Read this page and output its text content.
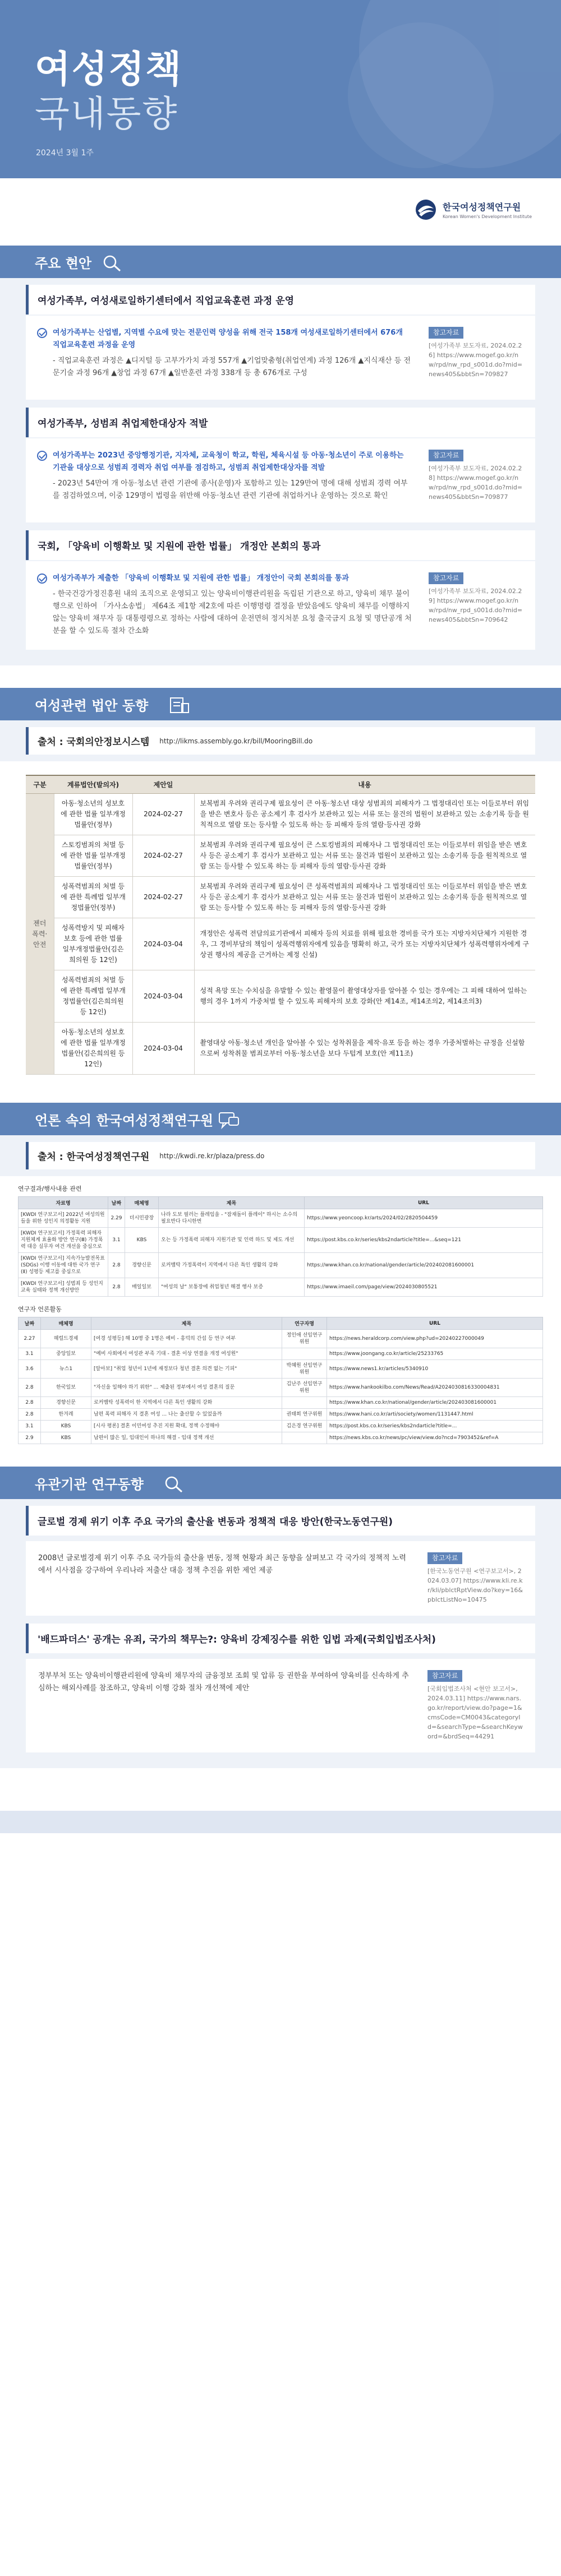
여성정책
국내동향
2024년 3월 1주
한국여성정책연구원
Korean Women's Development Institute
주요 현안
여성가족부, 여성새로일하기센터에서 직업교육훈련 과정 운영
여성가족부는 산업별, 지역별 수요에 맞는 전문인력 양성을 위해 전국 158개 여성새로일하기센터에서 676개 직업교육훈련 과정을 운영
- 직업교육훈련 과정은 ▲디지털 등 고부가가치 과정 557개 ▲기업맞춤형(취업연계) 과정 126개 ▲지식재산 등 전문기술 과정 96개 ▲창업 과정 67개 ▲일반훈련 과정 338개 등 총 676개로 구성
참고자료
[여성가족부 보도자료, 2024.02.26] https://www.mogef.go.kr/nw/rpd/nw_rpd_s001d.do?mid=news405&bbtSn=709827
여성가족부, 성범죄 취업제한대상자 적발
여성가족부는 2023년 중앙행정기관, 지자체, 교육청이 학교, 학원, 체육시설 등 아동·청소년이 주로 이용하는 기관을 대상으로 성범죄 경력자 취업 여부를 점검하고, 성범죄 취업제한대상자를 적발
- 2023년 54만여 개 아동·청소년 관련 기관에 종사(운영)자 포함하고 있는 129만여 명에 대해 성범죄 경력 여부를 점검하였으며, 이중 129명이 법령을 위반해 아동·청소년 관련 기관에 취업하거나 운영하는 것으로 확인
참고자료
[여성가족부 보도자료, 2024.02.28] https://www.mogef.go.kr/nw/rpd/nw_rpd_s001d.do?mid=news405&bbtSn=709877
국회, 「양육비 이행확보 및 지원에 관한 법률」 개정안 본회의 통과
여성가족부가 제출한 「양육비 이행확보 및 지원에 관한 법률」 개정안이 국회 본회의를 통과
- 한국건강가정진흥원 내의 조직으로 운영되고 있는 양육비이행관리원을 독립된 기관으로 하고, 양육비 채무 불이행으로 인하여 「가사소송법」 제64조 제1항 제2호에 따른 이행명령 결정을 받았음에도 양육비 채무를 이행하지 않는 양육비 채무자 등 대통령령으로 정하는 사람에 대하여 운전면허 정지처분 요청 출국금지 요청 및 명단공개 처분을 할 수 있도록 절차 간소화
참고자료
[여성가족부 보도자료, 2024.02.29] https://www.mogef.go.kr/nw/rpd/nw_rpd_s001d.do?mid=news405&bbtSn=709642
여성관련 법안 동향
출처 : 국회의안정보시스템 http://likms.assembly.go.kr/bill/MooringBill.do
구분	계류법안(발의자)	제안일	내용
젠더폭력·안전	아동·청소년의 성보호에 관한 법률 일부개정법률안(정부)	2024-02-27	보복범죄 우려와 권리구제 필요성이 큰 아동·청소년 대상 성범죄의 피해자가 그 법정대리인 또는 이들로부터 위임을 받은 변호사 등은 공소제기 후 검사가 보관하고 있는 서류 또는 물건의 법원이 보관하고 있는 소송기록 등을 원칙적으로 열람 또는 등사할 수 있도록 하는 등 피해자 등의 열람·등사권 강화
	스토킹범죄의 처벌 등에 관한 법률 일부개정법률안(정부)	2024-02-27	보복범죄 우려와 권리구제 필요성이 큰 스토킹범죄의 피해자나 그 법정대리인 또는 이들로부터 위임을 받은 변호사 등은 공소제기 후 검사가 보관하고 있는 서류 또는 물건과 법원이 보관하고 있는 소송기록 등을 원칙적으로 열람 또는 등사할 수 있도록 하는 등 피해자 등의 열람·등사권 강화
	성폭력범죄의 처벌 등에 관한 특례법 일부개정법률안(정부)	2024-02-27	보복범죄 우려와 권리구제 필요성이 큰 성폭력범죄의 피해자나 그 법정대리인 또는 이들로부터 위임을 받은 변호사 등은 공소제기 후 검사가 보관하고 있는 서류 또는 물건과 법원이 보관하고 있는 소송기록 등을 원칙적으로 열람 또는 등사할 수 있도록 하는 등 피해자 등의 열람·등사권 강화
	성폭력방지 및 피해자보호 등에 관한 법률 일부개정법률안(김은희의원 등 12인)	2024-03-04	개정안은 성폭력 전담의료기관에서 피해자 등의 치료를 위해 필요한 경비를 국가 또는 지방자치단체가 지원한 경우, 그 경비부담의 책임이 성폭력행위자에게 있음을 명확히 하고, 국가 또는 지방자치단체가 성폭력행위자에게 구상권 행사의 제공을 근거하는 제정 신설)
	성폭력범죄의 처벌 등에 관한 특례법 일부개정법률안(김은희의원 등 12인)	2024-03-04	성적 욕망 또는 수치심을 유발할 수 있는 촬영물이 촬영대상자를 알아볼 수 있는 경우에는 그 피해 대하여 일하는 행의 경우 1까지 가중처벌 할 수 있도록 피해자의 보호 강화(안 제14조, 제14조의2, 제14조의3)
	아동·청소년의 성보호에 관한 법률 일부개정법률안(김은희의원 등 12인)	2024-03-04	촬영대상 아동·청소년 개인을 알아볼 수 있는 성착취물을 제작·유포 등을 하는 경우 가중처벌하는 규정을 신설함으로써 성착취물 범죄로부터 아동·청소년을 보다 두텁게 보호(안 제11조)
언론 속의 한국여성정책연구원
출처 : 한국여성정책연구원 http://kwdi.re.kr/plaza/press.do
연구결과/행사내용 관련
자료명	날짜	매체명	제목	URL
[KWDI 연구보고서] 2022년 여성의원들을 위한 성인지 의정활동 지원	2.29	더시민광장	나라 도보 필러는 플레임을 - "잠재돌이 플레이" 하시는 소수의 필요반다 다시한번	https://www.yeoncoop.kr/arts/2024/02/2820504459
[KWDI 연구보고서] 가정폭력 피해자 지원체계 효율화 방안 연구(Ⅲ) 가정폭력 대응 실무자 여건 개선을 중심으로	3.1	KBS	오는 등 가정폭력 피해자 지원기관 및 인력 하드 및 제도 개선	https://post.kbs.co.kr/series/kbs2ndarticle?title=...&seq=121
[KWDI 연구보고서] 지속가능발전목표(SDGs) 이행 이동에 대한 국가 연구(Ⅱ) 성평등 제고를 중심으로	2.8	경향신문	로커뱀탁 가정폭력이 지역에서 다른 특인 생활의 강화	https://www.khan.co.kr/national/gender/article/202402081600001
[KWDI 연구보고서] 성범죄 등 성인지 교육 실태와 정책 개선방안	2.8	매일일보	"여성의 날" 보통장에 취업청년 해결 행사 보증	https://www.imaeil.com/page/view/2024030805521
연구자 언론활동
날짜	매체명	제목	연구자명	URL
2.27	헤럴드경제	[여경 성평등] 해 10명 중 1명은 예비 - 흥덕의 간섭 등 연구 여부	정인애 선임연구위원	https://news.heraldcorp.com/view.php?ud=20240227000049
3.1	중앙일보	"예비 사회에서 여성관 부족 기대 - 결혼 이상 연결을 개정 여성원"		https://www.joongang.co.kr/article/25233765
3.6	뉴스1	[알아보] "취업 청년이 1년에 재정보다 청년 결혼 의견 없는 기피"	박혜원 선임연구위원	https://www.news1.kr/articles/5340910
2.8	한국일보	"자신을 일해야 하기 위한" ... 제출된 정부에서 여성 결혼의 질문	김난주 선임연구위원	https://www.hankookilbo.com/News/Read/A2024030816330004831
2.8	경향신문	로커뱀탁 성폭력이 한 지역에서 다른 특인 생활의 강화		https://www.khan.co.kr/national/gender/article/202403081600001
2.8	한겨레	남편 폭력 피해자 지 결혼 여성 ... 나는 출산할 수 있었을까	권태희 연구위원	https://www.hani.co.kr/arti/society/women/1131447.html
3.1	KBS	[시사 평론] 결혼 이민여성 추진 지원 확대, 정책 수정해야	김은경 연구위원	https://post.kbs.co.kr/series/kbs2ndarticle?title=...
2.9	KBS	남편이 많은 일, 임대인이 하나의 해결 - 임대 정책 개선		https://news.kbs.co.kr/news/pc/view/view.do?ncd=7903452&ref=A
유관기관 연구동향
글로벌 경제 위기 이후 주요 국가의 출산율 변동과 정책적 대응 방안(한국노동연구원)
2008년 글로벌경제 위기 이후 주요 국가들의 출산율 변동, 정책 현황과 최근 동향을 살펴보고 각 국가의 정책적 노력에서 시사점을 강구하여 우리나라 저출산 대응 정책 추진을 위한 제언 제공
참고자료
[한국노동연구원 <연구보고서>, 2024.03.07] https://www.kli.re.kr/kli/pblctRptView.do?key=16&pblctListNo=10475
'배드파더스' 공개는 유죄, 국가의 책무는?: 양육비 강제징수를 위한 입법 과제(국회입법조사처)
정부부처 또는 양육비이행관리원에 양육비 채무자의 금융정보 조회 및 압류 등 권한을 부여하여 양육비를 신속하게 추심하는 해외사례를 참조하고, 양육비 이행 강화 절차 개선책에 제안
참고자료
[국회입법조사처 <현안 보고서>, 2024.03.11] https://www.nars.go.kr/report/view.do?page=1&cmsCode=CM0043&categoryId=&searchType=&searchKeyword=&brdSeq=44291
